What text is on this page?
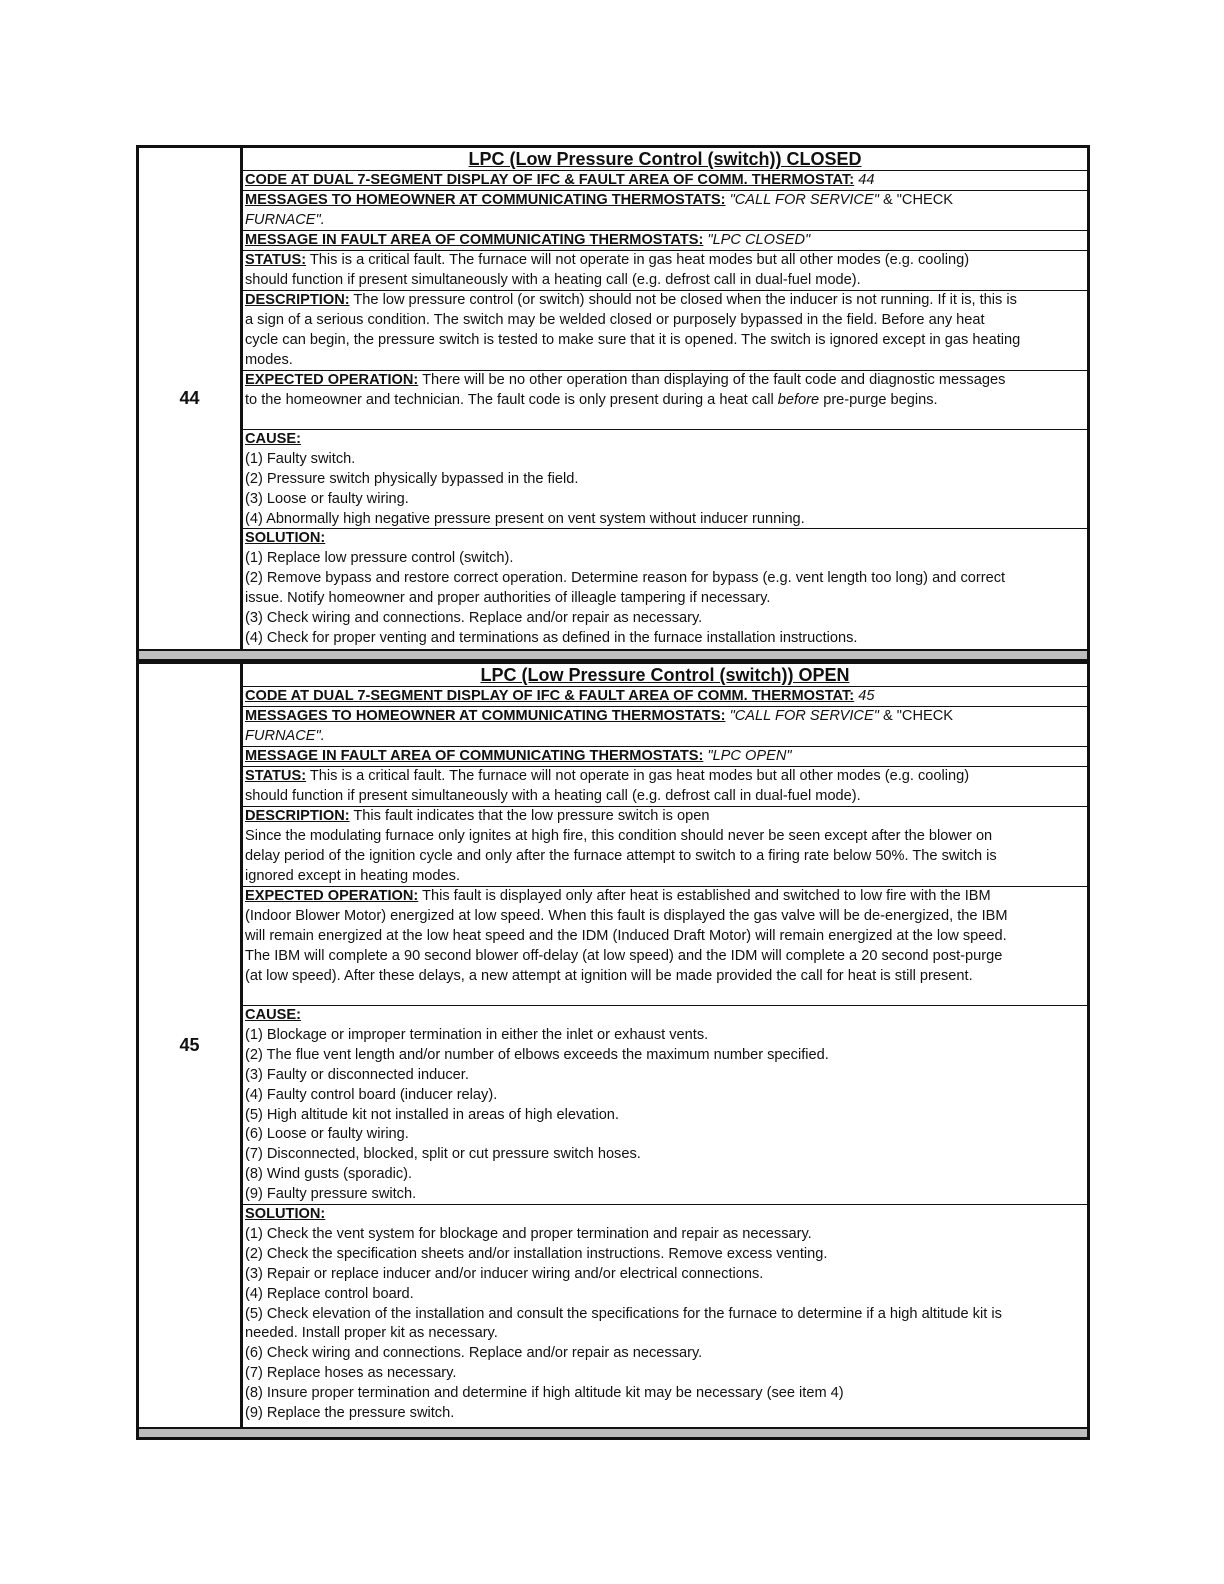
44
LPC (Low Pressure Control (switch)) CLOSED
CODE AT DUAL 7-SEGMENT DISPLAY OF IFC & FAULT AREA OF COMM. THERMOSTAT: 44
MESSAGES TO HOMEOWNER AT COMMUNICATING THERMOSTATS: "CALL FOR SERVICE" & "CHECK
FURNACE".
MESSAGE IN FAULT AREA OF COMMUNICATING THERMOSTATS: "LPC CLOSED"
STATUS: This is a critical fault. The furnace will not operate in gas heat modes but all other modes (e.g. cooling)
should function if present simultaneously with a heating call (e.g. defrost call in dual-fuel mode).
DESCRIPTION: The low pressure control (or switch) should not be closed when the inducer is not running. If it is, this is
a sign of a serious condition. The switch may be welded closed or purposely bypassed in the field. Before any heat
cycle can begin, the pressure switch is tested to make sure that it is opened. The switch is ignored except in gas heating
modes.
EXPECTED OPERATION: There will be no other operation than displaying of the fault code and diagnostic messages
to the homeowner and technician. The fault code is only present during a heat call before pre-purge begins.
CAUSE:
(1) Faulty switch.
(2) Pressure switch physically bypassed in the field.
(3) Loose or faulty wiring.
(4) Abnormally high negative pressure present on vent system without inducer running.
SOLUTION:
(1) Replace low pressure control (switch).
(2) Remove bypass and restore correct operation. Determine reason for bypass (e.g. vent length too long) and correct
issue. Notify homeowner and proper authorities of illeagle tampering if necessary.
(3) Check wiring and connections. Replace and/or repair as necessary.
(4) Check for proper venting and terminations as defined in the furnace installation instructions.
45
LPC (Low Pressure Control (switch)) OPEN
CODE AT DUAL 7-SEGMENT DISPLAY OF IFC & FAULT AREA OF COMM. THERMOSTAT: 45
MESSAGES TO HOMEOWNER AT COMMUNICATING THERMOSTATS: "CALL FOR SERVICE" & "CHECK
FURNACE".
MESSAGE IN FAULT AREA OF COMMUNICATING THERMOSTATS: "LPC OPEN"
STATUS: This is a critical fault. The furnace will not operate in gas heat modes but all other modes (e.g. cooling)
should function if present simultaneously with a heating call (e.g. defrost call in dual-fuel mode).
DESCRIPTION: This fault indicates that the low pressure switch is open
Since the modulating furnace only ignites at high fire, this condition should never be seen except after the blower on
delay period of the ignition cycle and only after the furnace attempt to switch to a firing rate below 50%. The switch is
ignored except in heating modes.
EXPECTED OPERATION: This fault is displayed only after heat is established and switched to low fire with the IBM
(Indoor Blower Motor) energized at low speed. When this fault is displayed the gas valve will be de-energized, the IBM
will remain energized at the low heat speed and the IDM (Induced Draft Motor) will remain energized at the low speed.
The IBM will complete a 90 second blower off-delay (at low speed) and the IDM will complete a 20 second post-purge
(at low speed). After these delays, a new attempt at ignition will be made provided the call for heat is still present.
CAUSE:
(1) Blockage or improper termination in either the inlet or exhaust vents.
(2) The flue vent length and/or number of elbows exceeds the maximum number specified.
(3) Faulty or disconnected inducer.
(4) Faulty control board (inducer relay).
(5) High altitude kit not installed in areas of high elevation.
(6) Loose or faulty wiring.
(7) Disconnected, blocked, split or cut pressure switch hoses.
(8) Wind gusts (sporadic).
(9) Faulty pressure switch.
SOLUTION:
(1) Check the vent system for blockage and proper termination and repair as necessary.
(2) Check the specification sheets and/or installation instructions. Remove excess venting.
(3) Repair or replace inducer and/or inducer wiring and/or electrical connections.
(4) Replace control board.
(5) Check elevation of the installation and consult the specifications for the furnace to determine if a high altitude kit is
needed. Install proper kit as necessary.
(6) Check wiring and connections. Replace and/or repair as necessary.
(7) Replace hoses as necessary.
(8) Insure proper termination and determine if high altitude kit may be necessary (see item 4)
(9) Replace the pressure switch.
